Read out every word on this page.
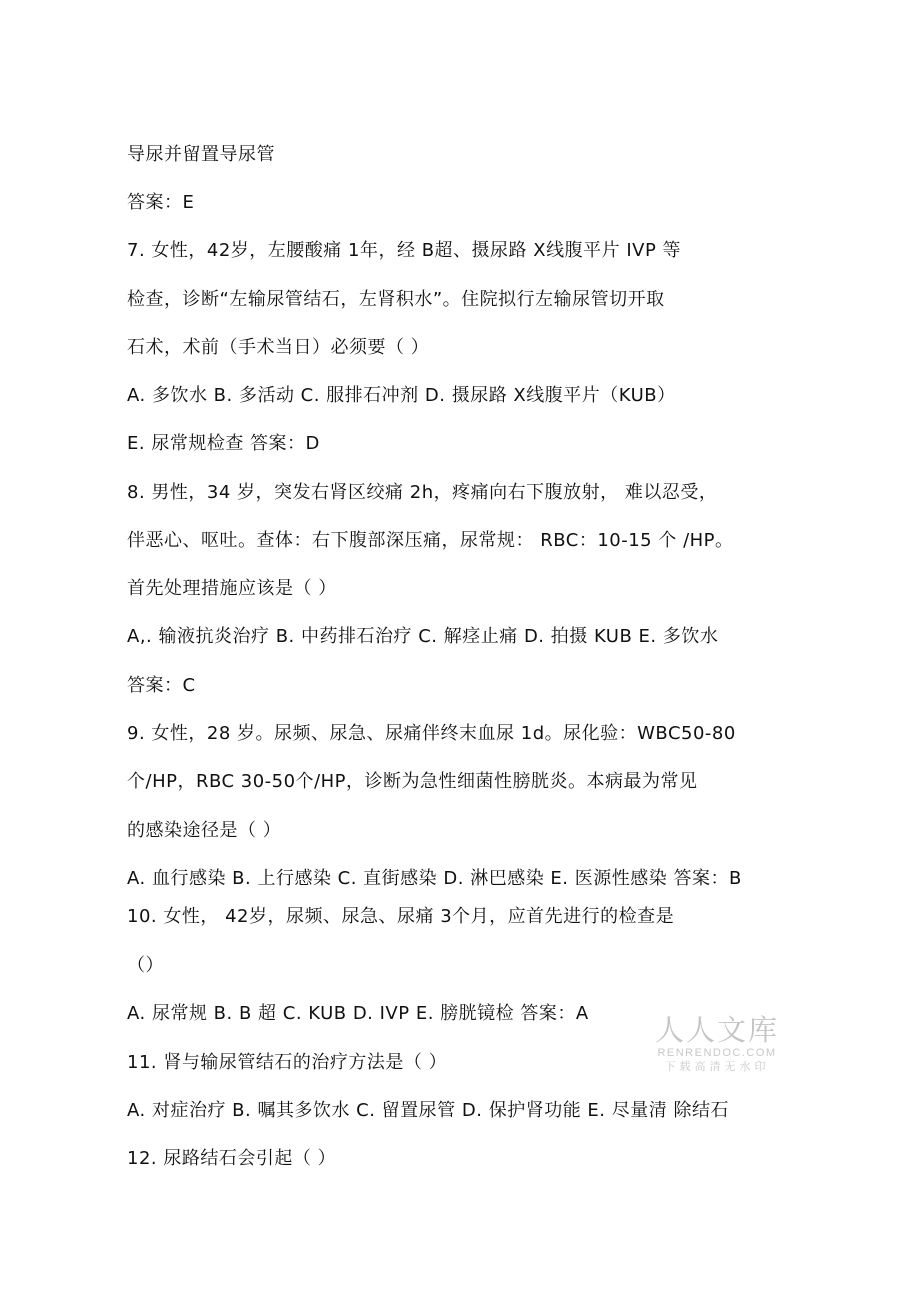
导尿并留置导尿管
答案：E
7. 女性，42岁，左腰酸痛 1年，经 B超、摄尿路 X线腹平片 IVP 等
检查，诊断“左输尿管结石，左肾积水”。住院拟行左输尿管切开取
石术，术前（手术当日）必须要（ ）
A. 多饮水 B. 多活动 C. 服排石冲剂 D. 摄尿路 X线腹平片（KUB）
E. 尿常规检查 答案：D
8. 男性，34 岁，突发右肾区绞痛 2h，疼痛向右下腹放射， 难以忍受，
伴恶心、呕吐。查体：右下腹部深压痛，尿常规： RBC：10-15 个 /HP。
首先处理措施应该是（ ）
A,. 输液抗炎治疗 B. 中药排石治疗 C. 解痉止痛 D. 拍摄 KUB E. 多饮水
答案：C
9. 女性，28 岁。尿频、尿急、尿痛伴终末血尿 1d。尿化验：WBC50-80
个/HP，RBC 30-50个/HP，诊断为急性细菌性膀胱炎。本病最为常见
的感染途径是（ ）
A. 血行感染 B. 上行感染 C. 直街感染 D. 淋巴感染 E. 医源性感染 答案：B
10. 女性， 42岁，尿频、尿急、尿痛 3个月，应首先进行的检查是
（）
A. 尿常规 B. B 超 C. KUB D. IVP E. 膀胱镜检 答案：A
11. 肾与输尿管结石的治疗方法是（ ）
A. 对症治疗 B. 嘱其多饮水 C. 留置尿管 D. 保护肾功能 E. 尽量清 除结石
12. 尿路结石会引起（ ）
人人文库
RENRENDOC.COM
下载高清无水印
